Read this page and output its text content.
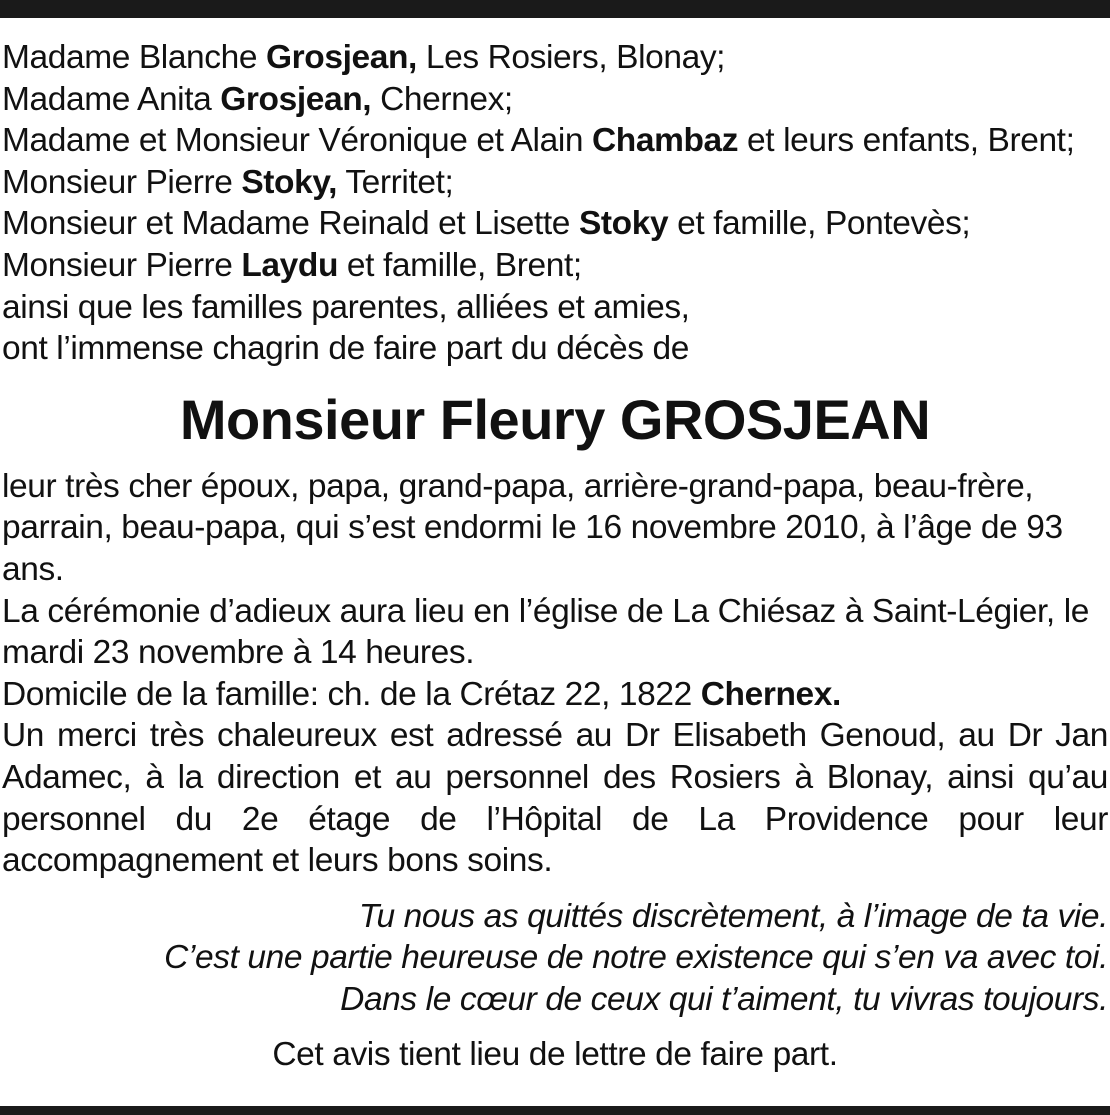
Madame Blanche Grosjean, Les Rosiers, Blonay;
Madame Anita Grosjean, Chernex;
Madame et Monsieur Véronique et Alain Chambaz et leurs enfants, Brent;
Monsieur Pierre Stoky, Territet;
Monsieur et Madame Reinald et Lisette Stoky et famille, Pontevès;
Monsieur Pierre Laydu et famille, Brent;
ainsi que les familles parentes, alliées et amies,
ont l’immense chagrin de faire part du décès de
Monsieur Fleury GROSJEAN
leur très cher époux, papa, grand-papa, arrière-grand-papa, beau-frère, parrain, beau-papa, qui s’est endormi le 16 novembre 2010, à l’âge de 93 ans.
La cérémonie d’adieux aura lieu en l’église de La Chiésaz à Saint-Légier, le mardi 23 novembre à 14 heures.
Domicile de la famille: ch. de la Crétaz 22, 1822 Chernex.
Un merci très chaleureux est adressé au Dr Elisabeth Genoud, au Dr Jan Adamec, à la direction et au personnel des Rosiers à Blonay, ainsi qu’au personnel du 2e étage de l’Hôpital de La Providence pour leur accompagnement et leurs bons soins.
Tu nous as quittés discrètement, à l’image de ta vie.
C’est une partie heureuse de notre existence qui s’en va avec toi.
Dans le cœur de ceux qui t’aiment, tu vivras toujours.
Cet avis tient lieu de lettre de faire part.
